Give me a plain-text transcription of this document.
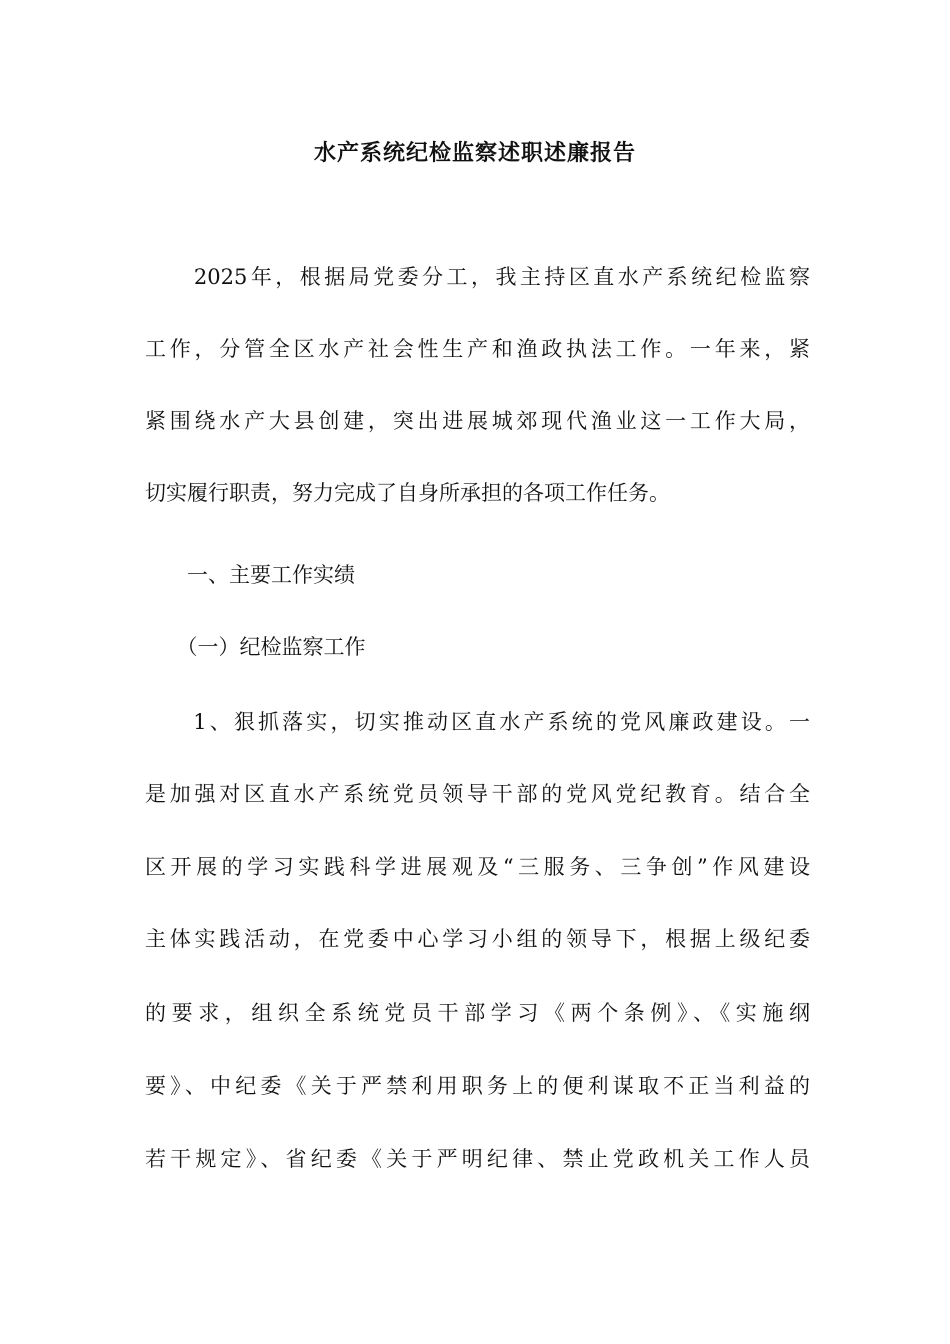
水产系统纪检监察述职述廉报告
　　2025年，根据局党委分工，我主持区直水产系统纪检监察
工作，分管全区水产社会性生产和渔政执法工作。一年来，紧
紧围绕水产大县创建，突出进展城郊现代渔业这一工作大局，
切实履行职责，努力完成了自身所承担的各项工作任务。
　　一、主要工作实绩
　　（一）纪检监察工作
　　1、狠抓落实，切实推动区直水产系统的党风廉政建设。一
是加强对区直水产系统党员领导干部的党风党纪教育。结合全
区开展的学习实践科学进展观及“三服务、三争创”作风建设
主体实践活动，在党委中心学习小组的领导下，根据上级纪委
的要求，组织全系统党员干部学习《两个条例》、《实施纲
要》、中纪委《关于严禁利用职务上的便利谋取不正当利益的
若干规定》、省纪委《关于严明纪律、禁止党政机关工作人员
